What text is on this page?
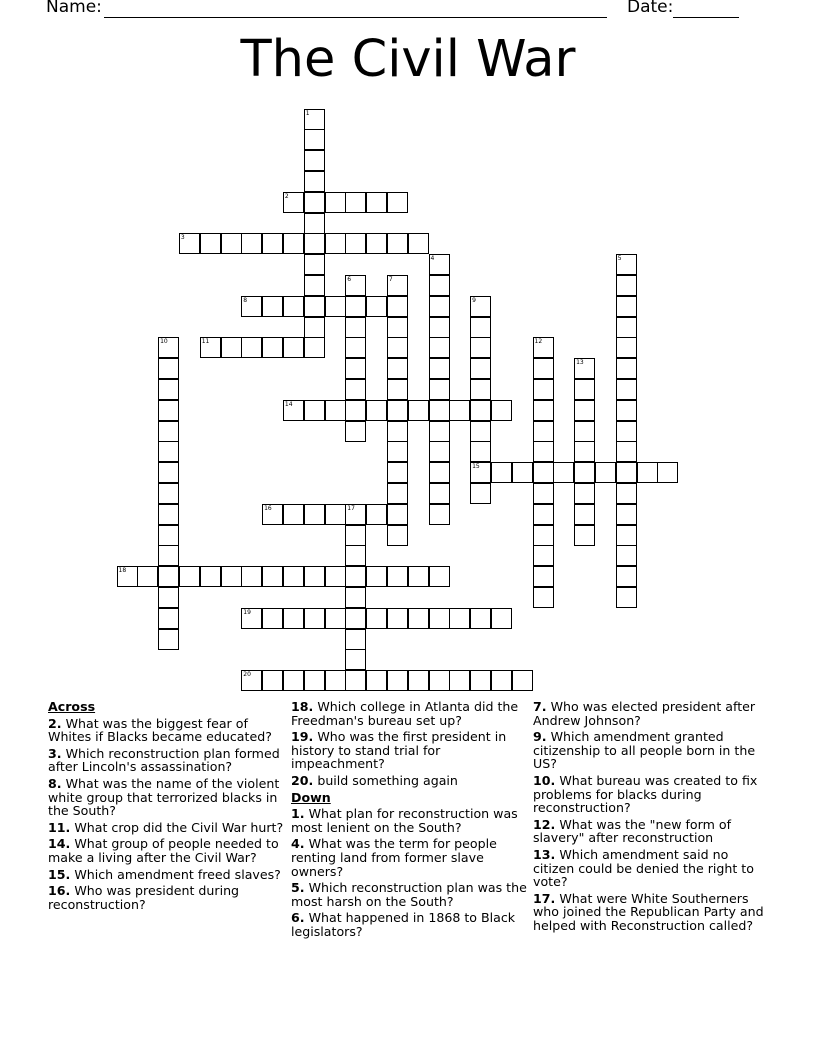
Name:	Date:
The Civil War
1
2
3
4	5
6	7
8	9
15
10	11	12
13
14
16	17
18
19
20
Across
2. What was the biggest fear of Whites if Blacks became educated?
3. Which reconstruction plan formed after Lincoln's assassination?
8. What was the name of the violent white group that terrorized blacks in the South?
11. What crop did the Civil War hurt?
14. What group of people needed to make a living after the Civil War?
15. Which amendment freed slaves?
16. Who was president during reconstruction?
18. Which college in Atlanta did the Freedman's bureau set up?
19. Who was the first president in history to stand trial for impeachment?
20. build something again
Down
1. What plan for reconstruction was most lenient on the South?
4. What was the term for people renting land from former slave owners?
5. Which reconstruction plan was the most harsh on the South?
6. What happened in 1868 to Black legislators?
7. Who was elected president after Andrew Johnson?
9. Which amendment granted citizenship to all people born in the US?
10. What bureau was created to fix problems for blacks during reconstruction?
12. What was the "new form of slavery" after reconstruction
13. Which amendment said no citizen could be denied the right to vote?
17. What were White Southerners who joined the Republican Party and helped with Reconstruction called?
